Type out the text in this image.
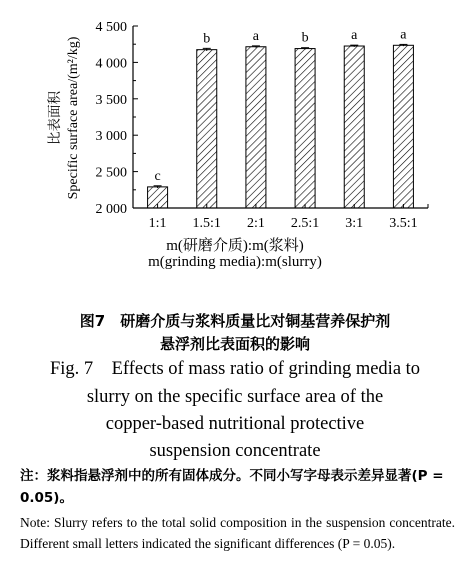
2 000
2 500
3 000
3 500
4 000
4 500
1:1 1.5:1 2:1 2.5:1 3:1 3.5:1
c
b	a	b	a	a
比表面积 Specific surface area/(m²/kg)
m(研磨介质):m(浆料)
m(grinding media):m(slurry)
图7　研磨介质与浆料质量比对铜基营养保护剂
悬浮剂比表面积的影响
Fig. 7　Effects of mass ratio of grinding media to
slurry on the specific surface area of the
copper-based nutritional protective
suspension concentrate
注：浆料指悬浮剂中的所有固体成分。不同小写字母表示差异显著(P = 0.05)。
Note: Slurry refers to the total solid composition in the suspension concentrate. Different small letters indicated the significant differences (P = 0.05).
